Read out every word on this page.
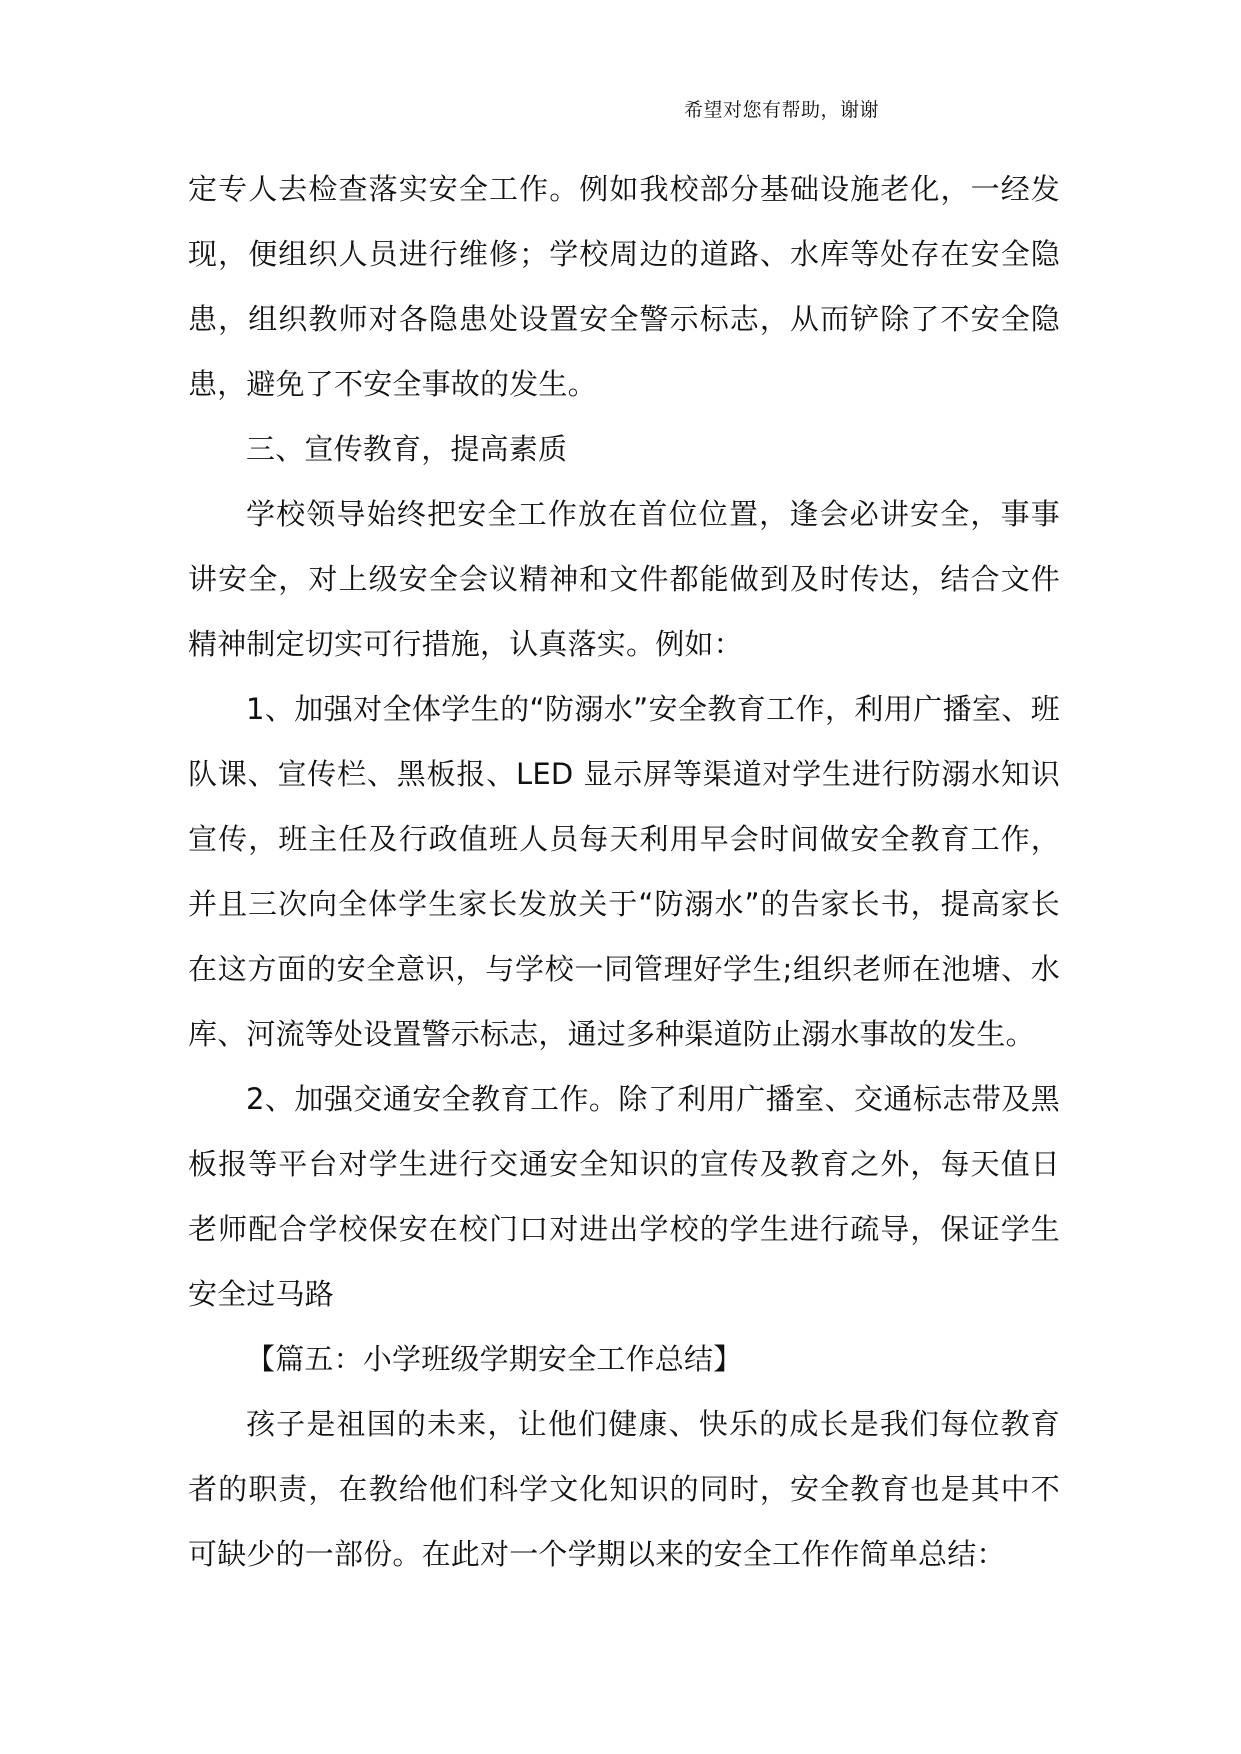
希望对您有帮助，谢谢

定专人去检查落实安全工作。例如我校部分基础设施老化，一经发现，便组织人员进行维修；学校周边的道路、水库等处存在安全隐患，组织教师对各隐患处设置安全警示标志，从而铲除了不安全隐患，避免了不安全事故的发生。

三、宣传教育，提高素质

学校领导始终把安全工作放在首位位置，逢会必讲安全，事事讲安全，对上级安全会议精神和文件都能做到及时传达，结合文件精神制定切实可行措施，认真落实。例如：

1、加强对全体学生的“防溺水”安全教育工作，利用广播室、班队课、宣传栏、黑板报、LED 显示屏等渠道对学生进行防溺水知识宣传，班主任及行政值班人员每天利用早会时间做安全教育工作，并且三次向全体学生家长发放关于“防溺水”的告家长书，提高家长在这方面的安全意识，与学校一同管理好学生;组织老师在池塘、水库、河流等处设置警示标志，通过多种渠道防止溺水事故的发生。

2、加强交通安全教育工作。除了利用广播室、交通标志带及黑板报等平台对学生进行交通安全知识的宣传及教育之外，每天值日老师配合学校保安在校门口对进出学校的学生进行疏导，保证学生安全过马路

【篇五：小学班级学期安全工作总结】

孩子是祖国的未来，让他们健康、快乐的成长是我们每位教育者的职责，在教给他们科学文化知识的同时，安全教育也是其中不可缺少的一部份。在此对一个学期以来的安全工作作简单总结：
